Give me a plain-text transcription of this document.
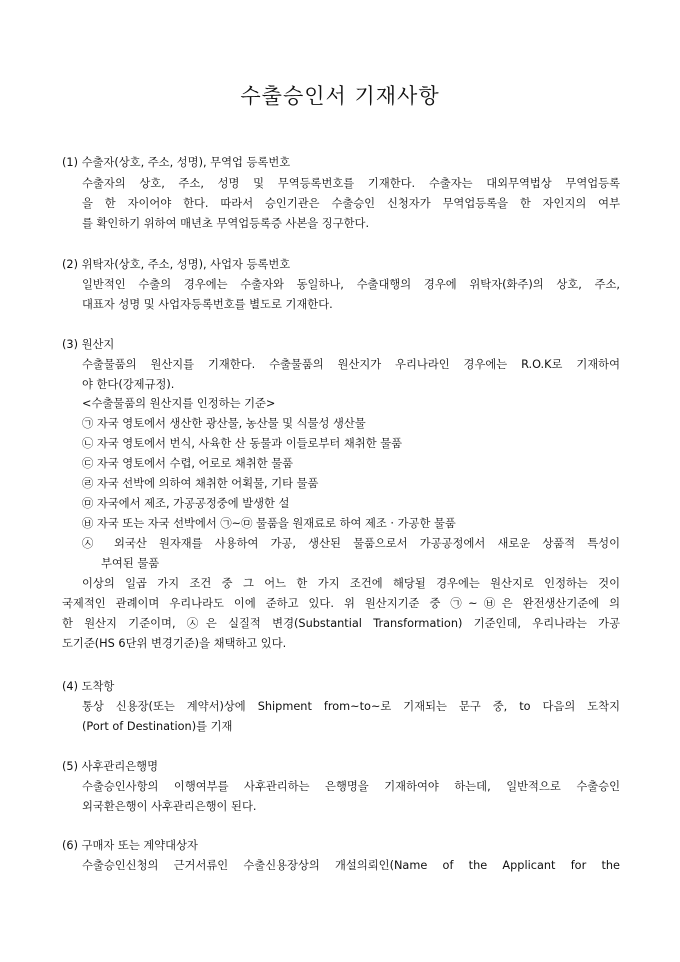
수출승인서 기재사항
(1) 수출자(상호, 주소, 성명), 무역업 등록번호
수출자의 상호, 주소, 성명 및 무역등록번호를 기재한다. 수출자는 대외무역법상 무역업등록
을 한 자이어야 한다. 따라서 승인기관은 수출승인 신청자가 무역업등록을 한 자인지의 여부
를 확인하기 위하여 매년초 무역업등록증 사본을 징구한다.
(2) 위탁자(상호, 주소, 성명), 사업자 등록번호
일반적인 수출의 경우에는 수출자와 동일하나, 수출대행의 경우에 위탁자(화주)의 상호, 주소,
대표자 성명 및 사업자등록번호를 별도로 기재한다.
(3) 원산지
수출물품의 원산지를 기재한다. 수출물품의 원산지가 우리나라인 경우에는 R.O.K로 기재하여
야 한다(강제규정).
<수출물품의 원산지를 인정하는 기준>
㉠ 자국 영토에서 생산한 광산물, 농산물 및 식물성 생산물
㉡ 자국 영토에서 번식, 사육한 산 동물과 이들로부터 채취한 물품
㉢ 자국 영토에서 수렵, 어로로 채취한 물품
㉣ 자국 선박에 의하여 채취한 어획물, 기타 물품
㉤ 자국에서 제조, 가공공정중에 발생한 설
㉥ 자국 또는 자국 선박에서 ㉠~㉤ 물품을 원재료로 하여 제조 · 가공한 물품
㉦ 외국산 원자재를 사용하여 가공, 생산된 물품으로서 가공공정에서 새로운 상품적 특성이
부여된 물품
이상의 일곱 가지 조건 중 그 어느 한 가지 조건에 해당될 경우에는 원산지로 인정하는 것이
국제적인 관례이며 우리나라도 이에 준하고 있다. 위 원산지기준 중 ㉠~㉥은 완전생산기준에 의
한 원산지 기준이며, ㉦은 실질적 변경(Substantial Transformation) 기준인데, 우리나라는 가공
도기준(HS 6단위 변경기준)을 채택하고 있다.
(4) 도착항
통상 신용장(또는 계약서)상에 Shipment from~to~로 기재되는 문구 중, to 다음의 도착지
(Port of Destination)를 기재
(5) 사후관리은행명
수출승인사항의 이행여부를 사후관리하는 은행명을 기재하여야 하는데, 일반적으로 수출승인
외국환은행이 사후관리은행이 된다.
(6) 구매자 또는 계약대상자
수출승인신청의 근거서류인 수출신용장상의 개설의뢰인(Name of the Applicant for the
